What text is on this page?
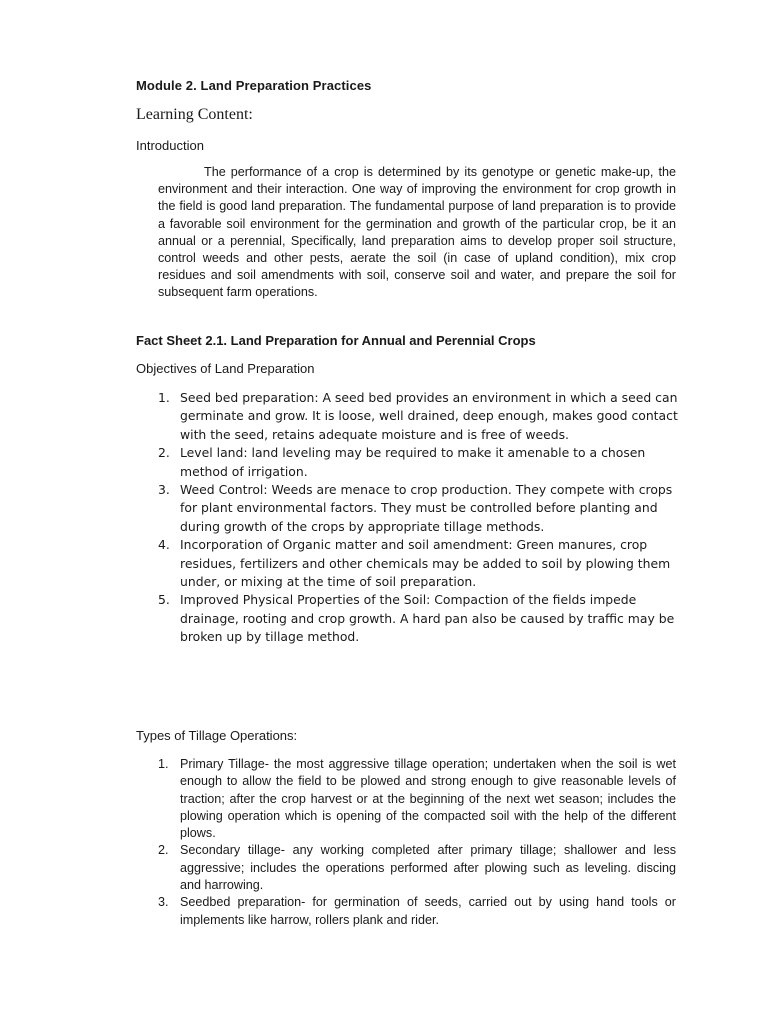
Module 2. Land Preparation Practices
Learning Content:
Introduction

The performance of a crop is determined by its genotype or genetic make-up, the environment and their interaction. One way of improving the environment for crop growth in the field is good land preparation. The fundamental purpose of land preparation is to provide a favorable soil environment for the germination and growth of the particular crop, be it an annual or a perennial, Specifically, land preparation aims to develop proper soil structure, control weeds and other pests, aerate the soil (in case of upland condition), mix crop residues and soil amendments with soil, conserve soil and water, and prepare the soil for subsequent farm operations.

Fact Sheet 2.1. Land Preparation for Annual and Perennial Crops
Objectives of Land Preparation
1. Seed bed preparation: A seed bed provides an environment in which a seed can germinate and grow. It is loose, well drained, deep enough, makes good contact with the seed, retains adequate moisture and is free of weeds.
2. Level land: land leveling may be required to make it amenable to a chosen method of irrigation.
3. Weed Control: Weeds are menace to crop production. They compete with crops for plant environmental factors. They must be controlled before planting and during growth of the crops by appropriate tillage methods.
4. Incorporation of Organic matter and soil amendment: Green manures, crop residues, fertilizers and other chemicals may be added to soil by plowing them under, or mixing at the time of soil preparation.
5. Improved Physical Properties of the Soil: Compaction of the fields impede drainage, rooting and crop growth. A hard pan also be caused by traffic may be broken up by tillage method.
Types of Tillage Operations:
1. Primary Tillage- the most aggressive tillage operation; undertaken when the soil is wet enough to allow the field to be plowed and strong enough to give reasonable levels of traction; after the crop harvest or at the beginning of the next wet season; includes the plowing operation which is opening of the compacted soil with the help of the different plows.
2. Secondary tillage- any working completed after primary tillage; shallower and less aggressive; includes the operations performed after plowing such as leveling. discing and harrowing.
3. Seedbed preparation- for germination of seeds, carried out by using hand tools or implements like harrow, rollers plank and rider.
